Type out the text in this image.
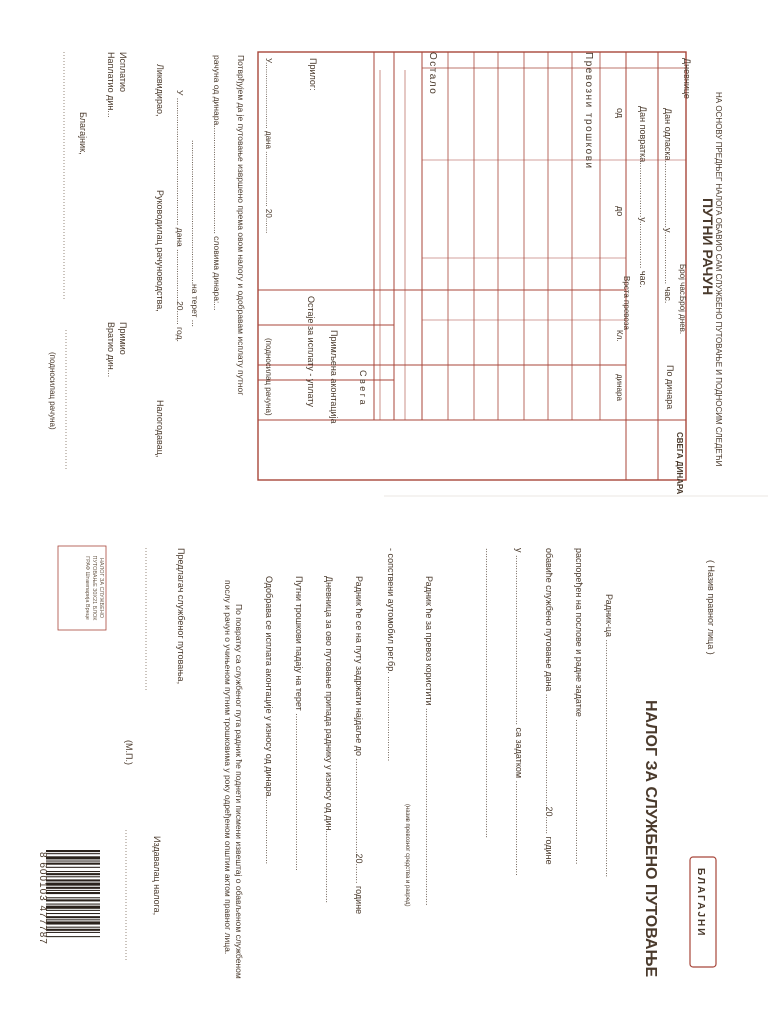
НА ОСНОВУ ПРЕДЊЕГ НАЛОГА ОБАВИО САМ СЛУЖБЕНО ПУТОВАЊЕ И ПОДНОСИМ СЛЕДЕЋИ
ПУТНИ РАЧУН
Дан одласка...........................у..................... час.
Дан повратка......................у................... час.
од
до
Број час.
Број днев.
Врста превоза
Кл.
По динара
динара
СВЕГА ДИНАРА
Дневнице
Превозни трошкови
Остало
С в е г а
Примљена аконтација
Остаје за исплату - уплату
Прилог:
У.............................. дана ......................... 20.......
(подносилац рачуна)
Потврђујем да је путовање извршено према овом налогу и одобравам исплату путног
рачуна од динара.............................................. словима динара:...
.............................................................на терет ...
У ...................................................... дана ......................20...... год.
Ликвидирао,
Руководилац рачуноводства,
Налогодавац,
Исплатио
Наплатио дин...
Примио
Вратио дин...
Благајник,
(подносилац рачуна)
( Назив правног лица )
БЛАГАЈНИ
НАЛОГ ЗА СЛУЖБЕНО ПУТОВАЊЕ
Радник-ца ...............................................................................................
распоређен на послове и радне задатке ..........................................................
обавиће службено путовање дана .............................................20....... године
у .................................................................... са задатком ......................................
....................................................................................................................
Радник ће за превоз користити ...............................................................................
(назив превозног средства и разред)
- сопствени аутомобил рег.бр. ..................................
Радник ће се на путу задржати најдаље до ......................................20........ године
Дневница за ово путовање припада раднику у износу од дин.............................
Путни трошкови падају на терет ...............................................................
Одобрава се исплата аконтације у износу од динара...........................
По повратку са службеног пута радник ће поднети писмени извештај о обављеном службеном послу и рачун о учињеном путним трошковима у року одређеном општим актом правног лица.
Предлагач службеног путовања,
(М.П.)
Издавалац налога,
НАЛОГ ЗА СЛУЖБЕНО ПУТОВАЊЕ 30X21 БЛОК ГРАФ Штампарија Врнце
8 600103 477787
